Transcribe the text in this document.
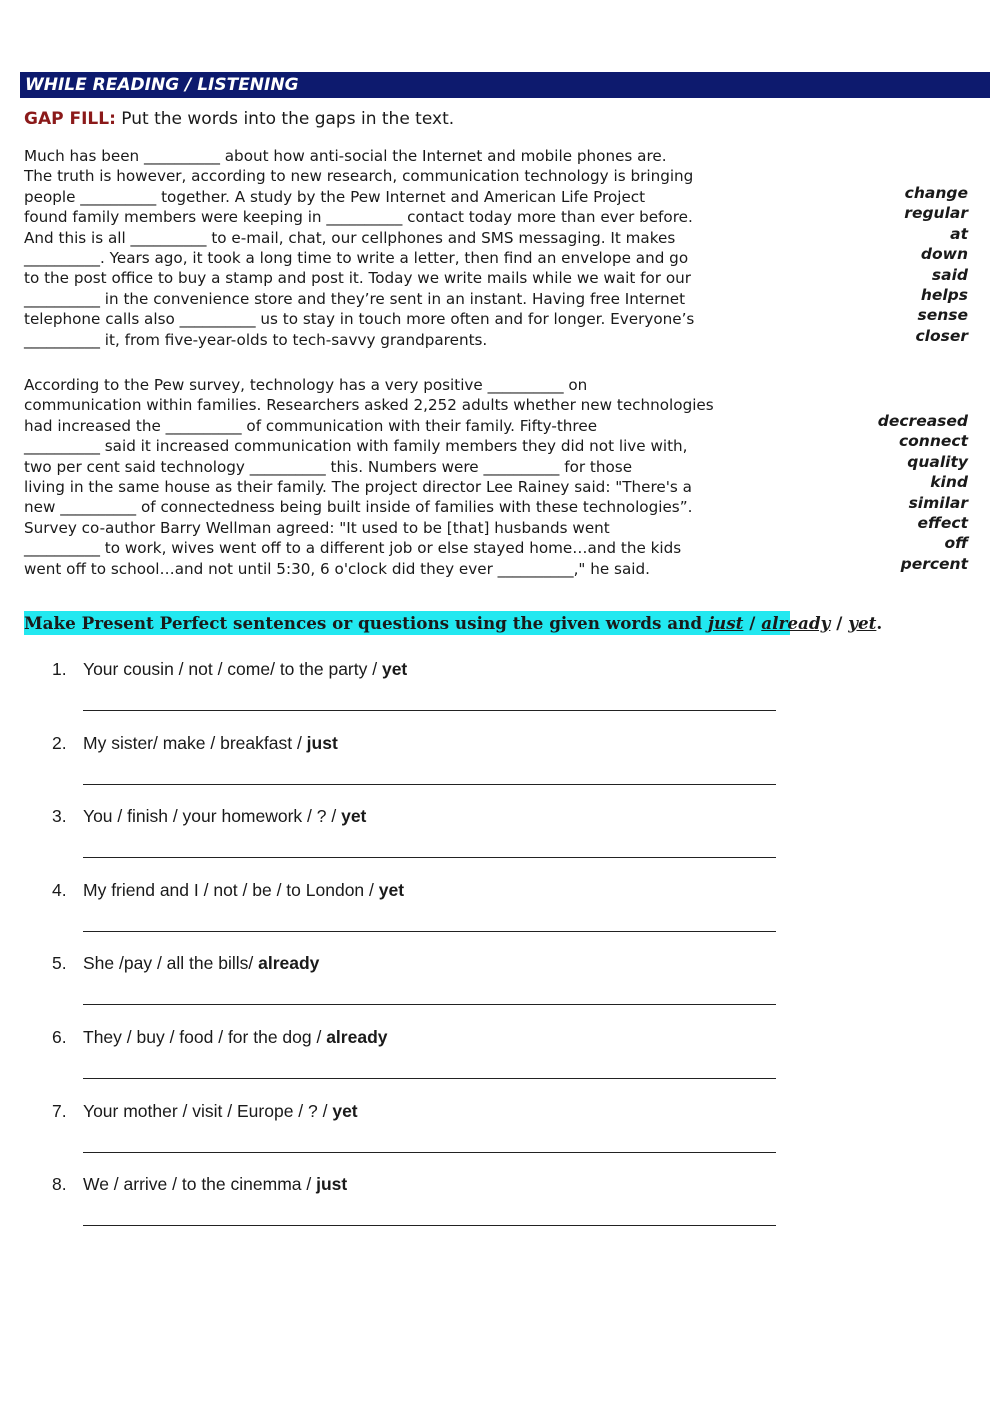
WHILE READING / LISTENING
GAP FILL: Put the words into the gaps in the text.
Much has been __________ about how anti-social the Internet and mobile phones are.
The truth is however, according to new research, communication technology is bringing
people __________ together. A study by the Pew Internet and American Life Project
found family members were keeping in __________ contact today more than ever before.
And this is all __________ to e-mail, chat, our cellphones and SMS messaging. It makes
__________. Years ago, it took a long time to write a letter, then find an envelope and go
to the post office to buy a stamp and post it. Today we write mails while we wait for our
__________ in the convenience store and they’re sent in an instant. Having free Internet
telephone calls also __________ us to stay in touch more often and for longer. Everyone’s
__________ it, from five-year-olds to tech-savvy grandparents.
change
regular
at
down
said
helps
sense
closer
According to the Pew survey, technology has a very positive __________ on
communication within families. Researchers asked 2,252 adults whether new technologies
had increased the __________ of communication with their family. Fifty-three
__________ said it increased communication with family members they did not live with,
two per cent said technology __________ this. Numbers were __________ for those
living in the same house as their family. The project director Lee Rainey said: "There's a
new __________ of connectedness being built inside of families with these technologies”.
Survey co-author Barry Wellman agreed: "It used to be [that] husbands went
__________ to work, wives went off to a different job or else stayed home…and the kids
went off to school…and not until 5:30, 6 o'clock did they ever __________," he said.
decreased
connect
quality
kind
similar
effect
off
percent
Make Present Perfect sentences or questions using the given words and just / already / yet.
1. Your cousin / not / come/ to the party / yet
2. My sister/ make / breakfast / just
3. You / finish / your homework / ? / yet
4. My friend and I / not / be / to London / yet
5. She /pay / all the bills/ already
6. They / buy / food / for the dog / already
7. Your mother / visit / Europe / ? / yet
8. We / arrive / to the cinemma / just
